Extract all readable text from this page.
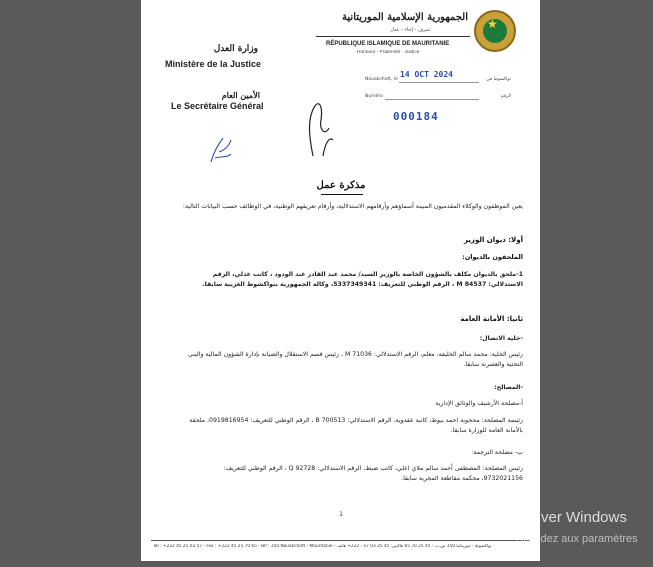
★
الجمهورية الإسلامية الموريتانية
شرف - إخاء - عدل
RÉPUBLIQUE ISLAMIQUE DE MAURITANIE
Honneur - Fraternité - Justice
وزارة العدل
Ministère de la Justice
الأمين العام
Le Secrétaire Général
Nouakchott, le	نواكشوط في
14 OCT 2024
Numéro	الرقم
000184
مذكرة عمل
يعين الموظفون والوكلاء المقدميون المبينة أسماؤهم وأرقامهم الاستدلالية، وأرقام تعريفهم الوطنية، في الوظائف حسب البيانات التالية:
أولا: ديوان الوزير
الملحقون بالديوان:
1-ملحق بالديوان مكلف بالشؤون الخاصة بالوزير السيد/ محمد عبد القادر عبد الودود ، كاتب عدلي، الرقم الاستدلالي: M 84537 ، الرقم الوطني للتعريف: 5337349341، وكالة الجمهورية بنواكشوط الغربية سابقا.
ثانيا: الأمانة العامة
-خلية الاتصال:
رئيس الخلية: محمد سالم الخليفة، معلم، الرقم الاستدلالي: M 71036 ، رئيس قسم الاستقلال والصيانة بإدارة الشؤون المالية والبنى التحتية والعصرنة سابقا.
-المصالح:
أ-مصلحة الأرشيف والوثائق الإدارية
رئيسة المصلحة: محجوبة احمد بيوط، كاتبة عقدوية، الرقم الاستدلالي: B 700513 ، الرقم الوطني للتعريف: 0919816954، ملحقة بالأمانة العامة للوزارة سابقا.
ب- مصلحة الترجمة:
رئيس المصلحة: المصطفى أحمد سالم ملاي اعلي، كاتب ضبط، الرقم الاستدلالي: Q 92728 ، الرقم الوطني للتعريف: 9732021156، محكمة مقاطعة المجرية سابقا.
1
Tél : +222 45 25 03 57 - Fax : +222 45 25 70 65 - BP : 350 Nouakchott - Mauritanie - نواكشوط - موريتانيا 350 ص.ب - 45 25 70 65 فاكس: 45 25 03 57 - 222+ هاتف
Activer Windows
Accédez aux paramètres
